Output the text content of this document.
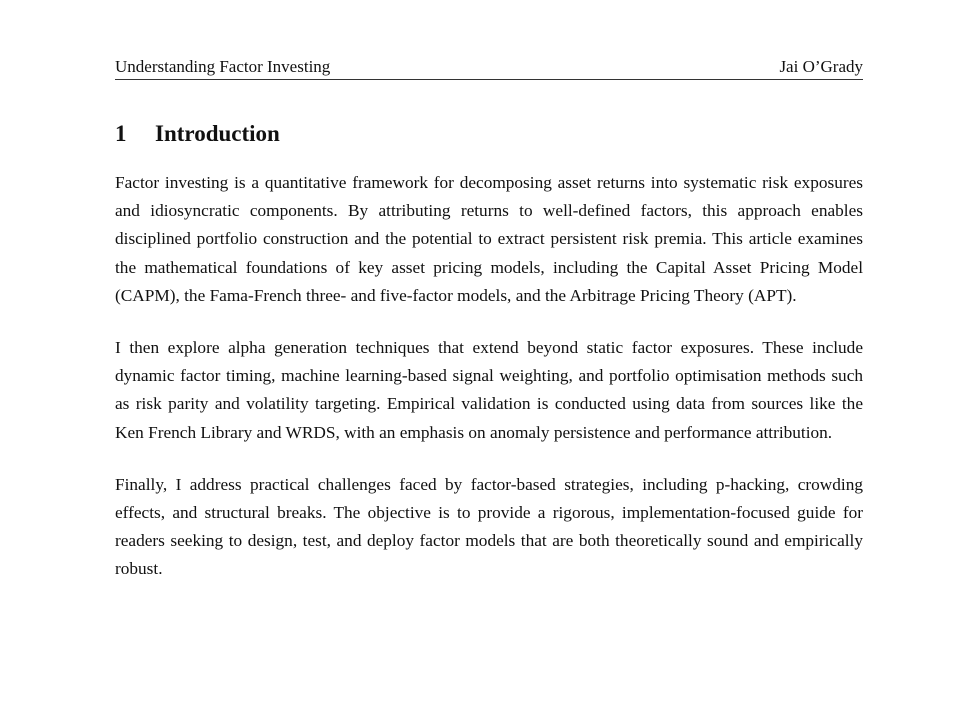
Understanding Factor Investing	Jai O’Grady
1	Introduction

Factor investing is a quantitative framework for decomposing asset returns into systematic risk exposures and idiosyncratic components. By attributing returns to well-defined factors, this approach enables disciplined portfolio construction and the potential to extract persistent risk premia. This article examines the mathematical foundations of key asset pricing models, including the Capital Asset Pricing Model (CAPM), the Fama-French three- and five-factor models, and the Arbitrage Pricing Theory (APT).

I then explore alpha generation techniques that extend beyond static factor exposures. These include dynamic factor timing, machine learning-based signal weighting, and portfolio optimisation methods such as risk parity and volatility targeting. Empirical validation is conducted using data from sources like the Ken French Library and WRDS, with an emphasis on anomaly persistence and performance attribution.

Finally, I address practical challenges faced by factor-based strategies, including p-hacking, crowding effects, and structural breaks. The objective is to provide a rigorous, implementation-focused guide for readers seeking to design, test, and deploy factor models that are both theoretically sound and empirically robust.
